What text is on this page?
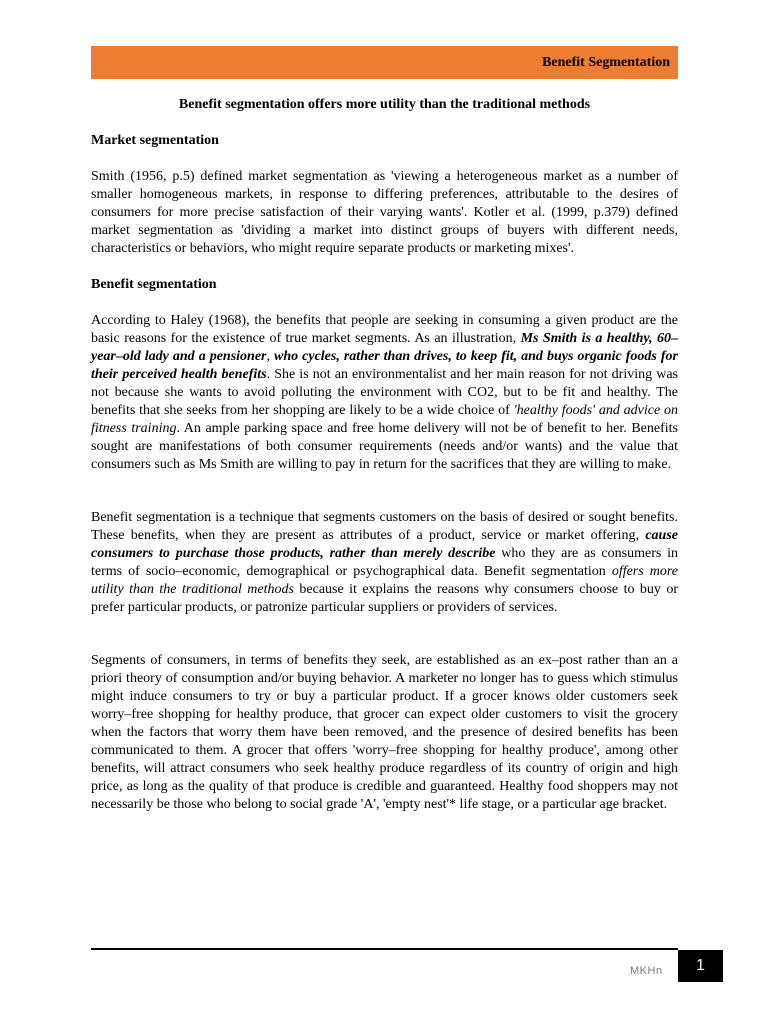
Benefit Segmentation
Benefit segmentation offers more utility than the traditional methods
Market segmentation

Smith (1956, p.5) defined market segmentation as 'viewing a heterogeneous market as a number of smaller homogeneous markets, in response to differing preferences, attributable to the desires of consumers for more precise satisfaction of their varying wants'. Kotler et al. (1999, p.379) defined market segmentation as 'dividing a market into distinct groups of buyers with different needs, characteristics or behaviors, who might require separate products or marketing mixes'.

Benefit segmentation

According to Haley (1968), the benefits that people are seeking in consuming a given product are the basic reasons for the existence of true market segments. As an illustration, Ms Smith is a healthy, 60–year–old lady and a pensioner, who cycles, rather than drives, to keep fit, and buys organic foods for their perceived health benefits. She is not an environmentalist and her main reason for not driving was not because she wants to avoid polluting the environment with CO2, but to be fit and healthy. The benefits that she seeks from her shopping are likely to be a wide choice of 'healthy foods' and advice on fitness training. An ample parking space and free home delivery will not be of benefit to her. Benefits sought are manifestations of both consumer requirements (needs and/or wants) and the value that consumers such as Ms Smith are willing to pay in return for the sacrifices that they are willing to make.

Benefit segmentation is a technique that segments customers on the basis of desired or sought benefits. These benefits, when they are present as attributes of a product, service or market offering, cause consumers to purchase those products, rather than merely describe who they are as consumers in terms of socio–economic, demographical or psychographical data. Benefit segmentation offers more utility than the traditional methods because it explains the reasons why consumers choose to buy or prefer particular products, or patronize particular suppliers or providers of services.

Segments of consumers, in terms of benefits they seek, are established as an ex–post rather than an a priori theory of consumption and/or buying behavior. A marketer no longer has to guess which stimulus might induce consumers to try or buy a particular product. If a grocer knows older customers seek worry–free shopping for healthy produce, that grocer can expect older customers to visit the grocery when the factors that worry them have been removed, and the presence of desired benefits has been communicated to them. A grocer that offers 'worry–free shopping for healthy produce', among other benefits, will attract consumers who seek healthy produce regardless of its country of origin and high price, as long as the quality of that produce is credible and guaranteed. Healthy food shoppers may not necessarily be those who belong to social grade 'A', 'empty nest'* life stage, or a particular age bracket.

MKHn	1
